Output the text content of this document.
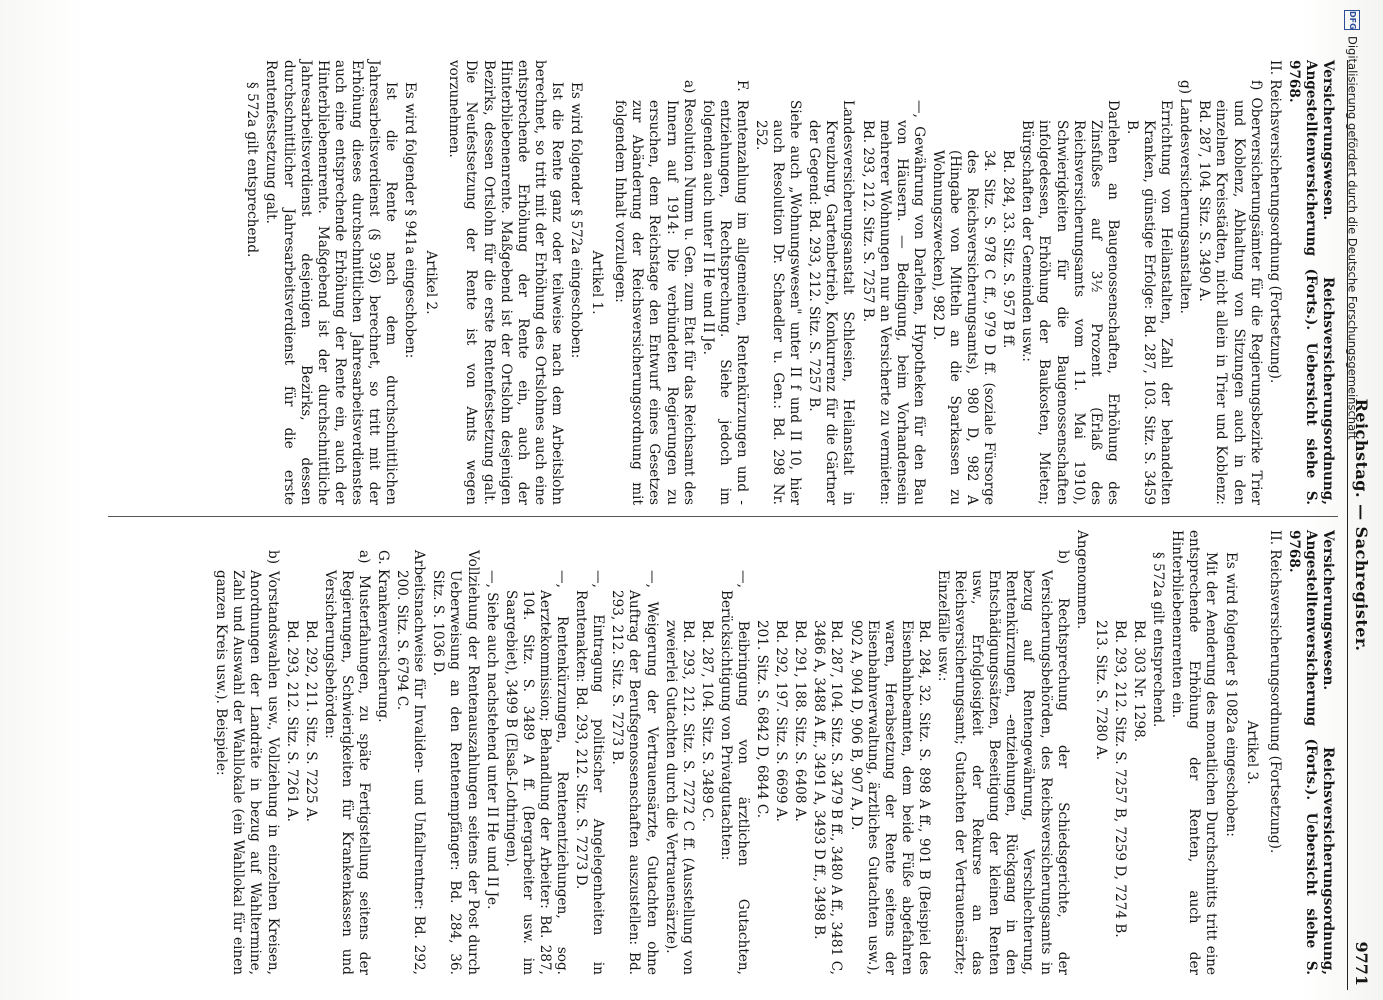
Reichstag. — Sachregister.
9771

Versicherungswesen. Reichsversicherungsordnung, Angestelltenversicherung (Forts.). Uebersicht siehe S. 9768.

II. Reichsversicherungsordnung (Fortsetzung).

f) Oberversicherungsämter für die Regierungsbezirke Trier und Koblenz, Abhaltung von Sitzungen auch in den einzelnen Kreisstädten, nicht allein in Trier und Koblenz: Bd. 287, 104. Sitz. S. 3490 A.

g) Landesversicherungsanstalten.

Errichtung von Heilanstalten, Zahl der behandelten Kranken, günstige Erfolge: Bd. 287, 103. Sitz. S. 3459 B.

Darlehen an Baugenossenschaften, Erhöhung des Zinsfußes auf 3½ Prozent (Erlaß des Reichsversicherungsamts vom 11. Mai 1910), Schwierigkeiten für die Baugenossenschaften infolgedessen, Erhöhung der Baukosten, Mieten; Bürgschaften der Gemeinden usw.:

Bd. 284, 33. Sitz. S. 957 B ff.

34. Sitz. S. 978 C ff., 979 D ff. (soziale Fürsorge des Reichsversicherungsamts), 980 D, 982 A (Hingabe von Mitteln an die Sparkassen zu Wohnungszwecken), 982 D.

—, Gewährung von Darlehen, Hypotheken für den Bau von Häusern. — Bedingung, beim Vorhandensein mehrerer Wohnungen nur an Versicherte zu vermieten: Bd. 293, 212. Sitz. S. 7257 B.

Landesversicherungsanstalt Schlesien, Heilanstalt in Kreuzburg, Gartenbetrieb, Konkurrenz für die Gärtner der Gegend: Bd. 293, 212. Sitz. S. 7257 B.

Siehe auch „Wohnungswesen" unter II f und II 10, hier auch Resolution Dr. Schaedler u. Gen.: Bd. 298 Nr. 252.

F. Rentenzahlung im allgemeinen, Rentenkürzungen und -entziehungen, Rechtsprechung. Siehe jedoch im folgenden auch unter II He und II Je.

a) Resolution Numm u. Gen. zum Etat für das Reichsamt des Innern auf 1914: Die verbündeten Regierungen zu ersuchen, dem Reichstage den Entwurf eines Gesetzes zur Abänderung der Reichsversicherungsordnung mit folgendem Inhalt vorzulegen:

Artikel 1.

Es wird folgender § 572a eingeschoben:

Ist die Rente ganz oder teilweise nach dem Arbeitslohn berechnet, so tritt mit der Erhöhung des Ortslohnes auch eine entsprechende Erhöhung der Rente ein, auch der Hinterbliebenenrente. Maßgebend ist der Ortslohn desjenigen Bezirks, dessen Ortslohn für die erste Rentenfestsetzung galt. Die Neufestsetzung der Rente ist von Amts wegen vorzunehmen.

Artikel 2.

Es wird folgender § 941a eingeschoben:

Ist die Rente nach dem durchschnittlichen Jahresarbeitsverdienst (§ 936) berechnet, so tritt mit der Erhöhung dieses durchschnittlichen Jahresarbeitsverdienstes auch eine entsprechende Erhöhung der Rente ein, auch der Hinterbliebenenrente. Maßgebend ist der durchschnittliche Jahresarbeitsverdienst desjenigen Bezirks, dessen durchschnittlicher Jahresarbeitsverdienst für die erste Rentenfestsetzung galt.

§ 572a gilt entsprechend.

Versicherungswesen. Reichsversicherungsordnung, Angestelltenversicherung (Forts.). Uebersicht siehe S. 9768.

II. Reichsversicherungsordnung (Fortsetzung).

Artikel 3.

Es wird folgender § 1082a eingeschoben:

Mit der Aenderung des monatlichen Durchschnitts tritt eine entsprechende Erhöhung der Renten, auch der Hinterbliebenenrenten ein.

§ 572a gilt entsprechend.

Bd. 303 Nr. 1298.

Bd. 293, 212. Sitz. S. 7257 B, 7259 D, 7274 B.

213. Sitz. S. 7280 A.

Angenommen.

b) Rechtsprechung der Schiedsgerichte, der Versicherungsbehörden, des Reichsversicherungsamts in bezug auf Rentengewährung, Verschlechterung, Rentenkürzungen, -entziehungen, Rückgang in den Entschädigungssätzen, Beseitigung der kleinen Renten usw., Erfolglosigkeit der Rekurse an das Reichsversicherungsamt; Gutachten der Vertrauensärzte; Einzelfälle usw.:

Bd. 284, 32. Sitz. S. 898 A ff., 901 B (Beispiel des Eisenbahnbeamten, dem beide Füße abgefahren waren, Herabsetzung der Rente seitens der Eisenbahnverwaltung, ärztliches Gutachten usw.), 902 A, 904 D, 906 B, 907 A, D.

Bd. 287, 104. Sitz. S. 3479 B ff., 3480 A ff., 3481 C, 3486 A, 3488 A ff., 3491 A, 3493 D ff., 3498 B.

Bd. 291, 188. Sitz. S. 6408 A.

Bd. 292, 197. Sitz. S. 6699 A.

201. Sitz. S. 6842 D, 6844 C.

—, Beibringung von ärztlichen Gutachten, Berücksichtigung von Privatgutachten:

Bd. 287, 104. Sitz. S. 3489 C.

Bd. 293, 212. Sitz. S. 7272 C ff. (Ausstellung von zweierlei Gutachten durch die Vertrauensärzte).

—, Weigerung der Vertrauensärzte, Gutachten ohne Auftrag der Berufsgenossenschaften auszustellen: Bd. 293, 212. Sitz. S. 7273 B.

—, Eintragung politischer Angelegenheiten in Rentenakten: Bd. 293, 212. Sitz. S. 7273 D.

—, Rentenkürzungen, Rentenentziehungen, sog. Aerztekommission; Behandlung der Arbeiter: Bd. 287, 104. Sitz. S. 3489 A ff. (Bergarbeiter usw. im Saargebiet), 3499 B (Elsaß-Lothringen).

—, Siehe auch nachstehend unter II He und II Je.

Vollziehung der Rentenauszahlungen seitens der Post durch Ueberweisung an den Rentenempfänger: Bd. 284, 36. Sitz. S. 1036 D.

Arbeitsnachweise für Invaliden- und Unfallrentner: Bd. 292, 200. Sitz. S. 6794 C.

G. Krankenversicherung.

a) Musterfahungen, zu späte Fertigstellung seitens der Regierungen, Schwierigkeiten für Krankenkassen und Versicherungsbehörden:

Bd. 292, 211. Sitz. S. 7225 A.

Bd. 293, 212. Sitz. S. 7261 A.

b) Vorstandswahlen usw., Vollziehung in einzelnen Kreisen, Anordnungen der Landräte in bezug auf Wahltermine, Zahl und Auswahl der Wahllokale (ein Wahllokal für einen ganzen Kreis usw.). Beispiele:

DFGDigitalisierung gefördert durch die Deutsche Forschungsgemeinschaft
